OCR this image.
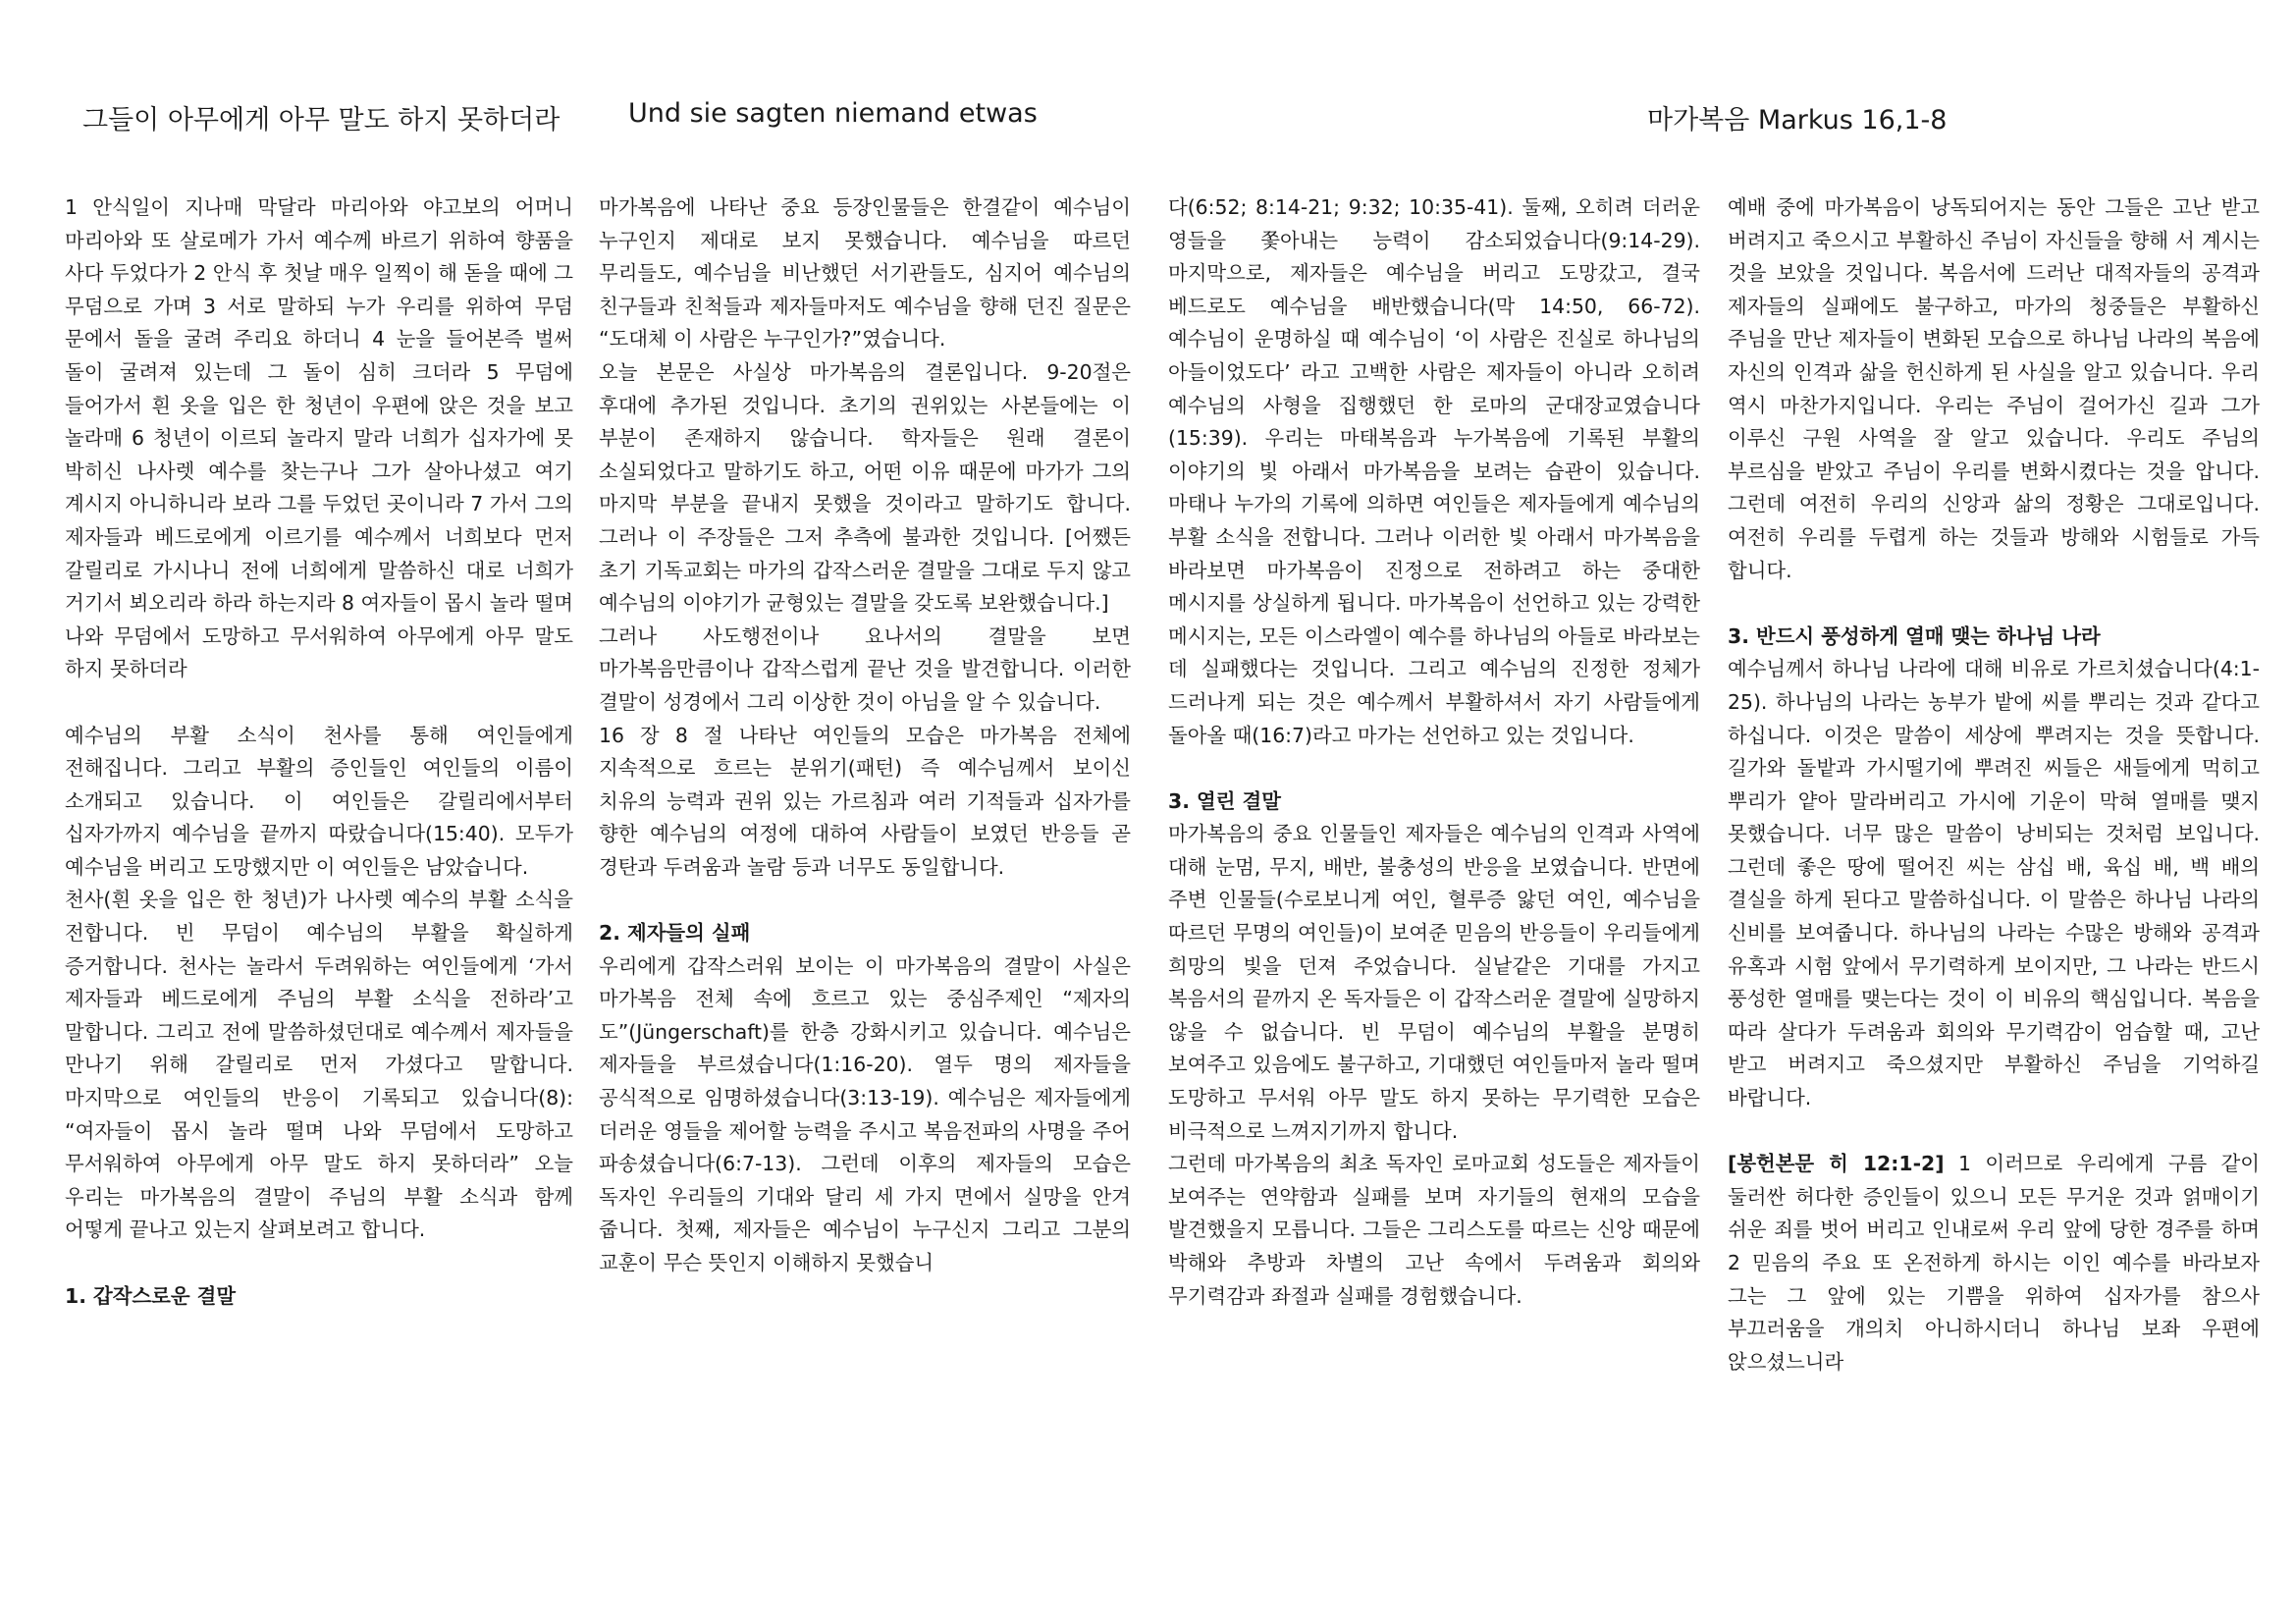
그들이 아무에게 아무 말도 하지 못하더라	Und sie sagten niemand etwas	마가복음 Markus 16,1-8

1 안식일이 지나매 막달라 마리아와 야고보의 어머니 마리아와 또 살로메가 가서 예수께 바르기 위하여 향품을 사다 두었다가 2 안식 후 첫날 매우 일찍이 해 돋을 때에 그 무덤으로 가며 3 서로 말하되 누가 우리를 위하여 무덤 문에서 돌을 굴려 주리요 하더니 4 눈을 들어본즉 벌써 돌이 굴려져 있는데 그 돌이 심히 크더라 5 무덤에 들어가서 흰 옷을 입은 한 청년이 우편에 앉은 것을 보고 놀라매 6 청년이 이르되 놀라지 말라 너희가 십자가에 못 박히신 나사렛 예수를 찾는구나 그가 살아나셨고 여기 계시지 아니하니라 보라 그를 두었던 곳이니라 7 가서 그의 제자들과 베드로에게 이르기를 예수께서 너희보다 먼저 갈릴리로 가시나니 전에 너희에게 말씀하신 대로 너희가 거기서 뵈오리라 하라 하는지라 8 여자들이 몹시 놀라 떨며 나와 무덤에서 도망하고 무서워하여 아무에게 아무 말도 하지 못하더라

예수님의 부활 소식이 천사를 통해 여인들에게 전해집니다. 그리고 부활의 증인들인 여인들의 이름이 소개되고 있습니다. 이 여인들은 갈릴리에서부터 십자가까지 예수님을 끝까지 따랐습니다(15:40). 모두가 예수님을 버리고 도망했지만 이 여인들은 남았습니다.

천사(흰 옷을 입은 한 청년)가 나사렛 예수의 부활 소식을 전합니다. 빈 무덤이 예수님의 부활을 확실하게 증거합니다. 천사는 놀라서 두려워하는 여인들에게 ‘가서 제자들과 베드로에게 주님의 부활 소식을 전하라’고 말합니다. 그리고 전에 말씀하셨던대로 예수께서 제자들을 만나기 위해 갈릴리로 먼저 가셨다고 말합니다. 마지막으로 여인들의 반응이 기록되고 있습니다(8): “여자들이 몹시 놀라 떨며 나와 무덤에서 도망하고 무서워하여 아무에게 아무 말도 하지 못하더라” 오늘 우리는 마가복음의 결말이 주님의 부활 소식과 함께 어떻게 끝나고 있는지 살펴보려고 합니다.

1. 갑작스로운 결말

마가복음에 나타난 중요 등장인물들은 한결같이 예수님이 누구인지 제대로 보지 못했습니다. 예수님을 따르던 무리들도, 예수님을 비난했던 서기관들도, 심지어 예수님의 친구들과 친척들과 제자들마저도 예수님을 향해 던진 질문은 “도대체 이 사람은 누구인가?”였습니다.

오늘 본문은 사실상 마가복음의 결론입니다. 9-20절은 후대에 추가된 것입니다. 초기의 권위있는 사본들에는 이 부분이 존재하지 않습니다. 학자들은 원래 결론이 소실되었다고 말하기도 하고, 어떤 이유 때문에 마가가 그의 마지막 부분을 끝내지 못했을 것이라고 말하기도 합니다. 그러나 이 주장들은 그저 추측에 불과한 것입니다. [어쨌든 초기 기독교회는 마가의 갑작스러운 결말을 그대로 두지 않고 예수님의 이야기가 균형있는 결말을 갖도록 보완했습니다.]

그러나 사도행전이나 요나서의 결말을 보면 마가복음만큼이나 갑작스럽게 끝난 것을 발견합니다. 이러한 결말이 성경에서 그리 이상한 것이 아님을 알 수 있습니다.

16 장 8 절 나타난 여인들의 모습은 마가복음 전체에 지속적으로 흐르는 분위기(패턴) 즉 예수님께서 보이신 치유의 능력과 권위 있는 가르침과 여러 기적들과 십자가를 향한 예수님의 여정에 대하여 사람들이 보였던 반응들 곧 경탄과 두려움과 놀람 등과 너무도 동일합니다.

2. 제자들의 실패

우리에게 갑작스러워 보이는 이 마가복음의 결말이 사실은 마가복음 전체 속에 흐르고 있는 중심주제인 “제자의 도”(Jüngerschaft)를 한층 강화시키고 있습니다. 예수님은 제자들을 부르셨습니다(1:16-20). 열두 명의 제자들을 공식적으로 임명하셨습니다(3:13-19). 예수님은 제자들에게 더러운 영들을 제어할 능력을 주시고 복음전파의 사명을 주어 파송셨습니다(6:7-13). 그런데 이후의 제자들의 모습은 독자인 우리들의 기대와 달리 세 가지 면에서 실망을 안겨 줍니다. 첫째, 제자들은 예수님이 누구신지 그리고 그분의 교훈이 무슨 뜻인지 이해하지 못했습니

다(6:52; 8:14-21; 9:32; 10:35-41). 둘째, 오히려 더러운 영들을 쫓아내는 능력이 감소되었습니다(9:14-29). 마지막으로, 제자들은 예수님을 버리고 도망갔고, 결국 베드로도 예수님을 배반했습니다(막 14:50, 66-72). 예수님이 운명하실 때 예수님이 ‘이 사람은 진실로 하나님의 아들이었도다’ 라고 고백한 사람은 제자들이 아니라 오히려 예수님의 사형을 집행했던 한 로마의 군대장교였습니다(15:39). 우리는 마태복음과 누가복음에 기록된 부활의 이야기의 빛 아래서 마가복음을 보려는 습관이 있습니다. 마태나 누가의 기록에 의하면 여인들은 제자들에게 예수님의 부활 소식을 전합니다. 그러나 이러한 빛 아래서 마가복음을 바라보면 마가복음이 진정으로 전하려고 하는 중대한 메시지를 상실하게 됩니다. 마가복음이 선언하고 있는 강력한 메시지는, 모든 이스라엘이 예수를 하나님의 아들로 바라보는 데 실패했다는 것입니다. 그리고 예수님의 진정한 정체가 드러나게 되는 것은 예수께서 부활하셔서 자기 사람들에게 돌아올 때(16:7)라고 마가는 선언하고 있는 것입니다.

3. 열린 결말

마가복음의 중요 인물들인 제자들은 예수님의 인격과 사역에 대해 눈멈, 무지, 배반, 불충성의 반응을 보였습니다. 반면에 주변 인물들(수로보니게 여인, 혈루증 앓던 여인, 예수님을 따르던 무명의 여인들)이 보여준 믿음의 반응들이 우리들에게 희망의 빛을 던져 주었습니다. 실낱같은 기대를 가지고 복음서의 끝까지 온 독자들은 이 갑작스러운 결말에 실망하지 않을 수 없습니다. 빈 무덤이 예수님의 부활을 분명히 보여주고 있음에도 불구하고, 기대했던 여인들마저 놀라 떨며 도망하고 무서워 아무 말도 하지 못하는 무기력한 모습은 비극적으로 느껴지기까지 합니다.

그런데 마가복음의 최초 독자인 로마교회 성도들은 제자들이 보여주는 연약함과 실패를 보며 자기들의 현재의 모습을 발견했을지 모릅니다. 그들은 그리스도를 따르는 신앙 때문에 박해와 추방과 차별의 고난 속에서 두려움과 회의와 무기력감과 좌절과 실패를 경험했습니다.

예배 중에 마가복음이 낭독되어지는 동안 그들은 고난 받고 버려지고 죽으시고 부활하신 주님이 자신들을 향해 서 계시는 것을 보았을 것입니다. 복음서에 드러난 대적자들의 공격과 제자들의 실패에도 불구하고, 마가의 청중들은 부활하신 주님을 만난 제자들이 변화된 모습으로 하나님 나라의 복음에 자신의 인격과 삶을 헌신하게 된 사실을 알고 있습니다. 우리 역시 마찬가지입니다. 우리는 주님이 걸어가신 길과 그가 이루신 구원 사역을 잘 알고 있습니다. 우리도 주님의 부르심을 받았고 주님이 우리를 변화시켰다는 것을 압니다. 그런데 여전히 우리의 신앙과 삶의 정황은 그대로입니다. 여전히 우리를 두렵게 하는 것들과 방해와 시험들로 가득 합니다.

3. 반드시 풍성하게 열매 맺는 하나님 나라

예수님께서 하나님 나라에 대해 비유로 가르치셨습니다(4:1-25). 하나님의 나라는 농부가 밭에 씨를 뿌리는 것과 같다고 하십니다. 이것은 말씀이 세상에 뿌려지는 것을 뜻합니다. 길가와 돌밭과 가시떨기에 뿌려진 씨들은 새들에게 먹히고 뿌리가 얕아 말라버리고 가시에 기운이 막혀 열매를 맺지 못했습니다. 너무 많은 말씀이 낭비되는 것처럼 보입니다. 그런데 좋은 땅에 떨어진 씨는 삼십 배, 육십 배, 백 배의 결실을 하게 된다고 말씀하십니다. 이 말씀은 하나님 나라의 신비를 보여줍니다. 하나님의 나라는 수많은 방해와 공격과 유혹과 시험 앞에서 무기력하게 보이지만, 그 나라는 반드시 풍성한 열매를 맺는다는 것이 이 비유의 핵심입니다. 복음을 따라 살다가 두려움과 회의와 무기력감이 엄습할 때, 고난 받고 버려지고 죽으셨지만 부활하신 주님을 기억하길 바랍니다.

[봉헌본문 히 12:1-2] 1 이러므로 우리에게 구름 같이 둘러싼 허다한 증인들이 있으니 모든 무거운 것과 얽매이기 쉬운 죄를 벗어 버리고 인내로써 우리 앞에 당한 경주를 하며 2 믿음의 주요 또 온전하게 하시는 이인 예수를 바라보자 그는 그 앞에 있는 기쁨을 위하여 십자가를 참으사 부끄러움을 개의치 아니하시더니 하나님 보좌 우편에 앉으셨느니라
